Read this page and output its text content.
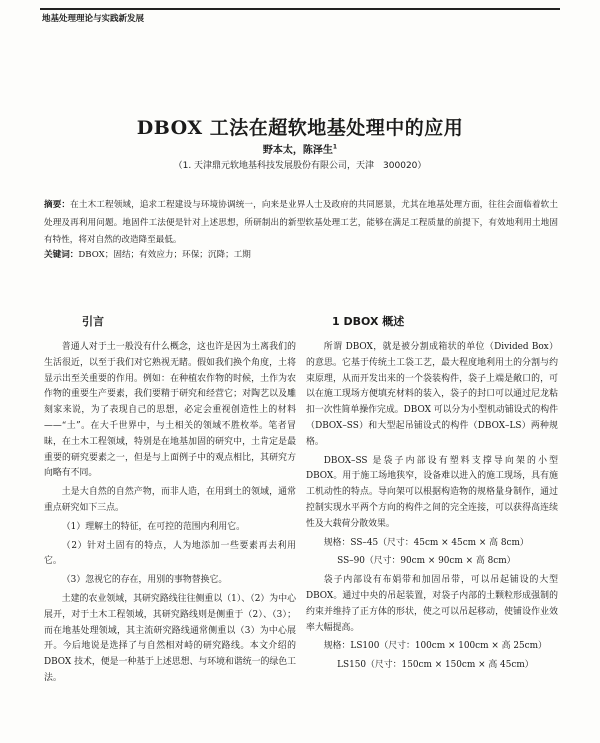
地基处理理论与实践新发展
DBOX 工法在超软地基处理中的应用
野本太，陈泽生$^1$
（1. 天津鼎元软地基科技发展股份有限公司，天津　300020）
摘要：在土木工程领域，追求工程建设与环境协调统一，向来是业界人士及政府的共同愿景，尤其在地基处理方面，往往会面临着软土处理及再利用问题。地固件工法便是针对上述思想，所研制出的新型软基处理工艺，能够在满足工程质量的前提下，有效地利用土地固有特性，将对自然的改造降至最低。
关键词：DBOX；固结；有效应力；环保；沉降；工期
引言	1 DBOX 概述

普通人对于土一般没有什么概念，这也许是因为土离我们的生活很近，以至于我们对它熟视无睹。假如我们换个角度，土将显示出至关重要的作用。例如：在种植农作物的时候，土作为农作物的重要生产要素，我们要精于研究和经营它；对陶艺以及雕刻家来说，为了表现自己的思想，必定会重视创造性上的材料——“土”。在大千世界中，与土相关的领域不胜枚举。笔者冒昧，在土木工程领域，特别是在地基加固的研究中，土肯定是最重要的研究要素之一，但是与上面例子中的观点相比，其研究方向略有不同。

土是大自然的自然产物，而非人造，在用到土的领域，通常重点研究如下三点。

（1）理解土的特征，在可控的范围内利用它。

（2）针对土固有的特点，人为地添加一些要素再去利用它。

（3）忽视它的存在，用别的事物替换它。

土建的农业领域，其研究路线往往侧重以（1）、（2）为中心展开，对于土木工程领域，其研究路线则是侧重于（2）、（3）；而在地基处理领域，其主流研究路线通常侧重以（3）为中心展开。今后地说是选择了与自然相对峙的研究路线。本文介绍的 DBOX 技术，便是一种基于上述思想、与环境和谐统一的绿色工法。

所谓 DBOX，就是被分割成箱状的单位（Divided Box）的意思。它基于传统土工袋工艺，最大程度地利用土的分割与约束原理，从而开发出来的一个袋装构件，袋子上端是敞口的，可以在施工现场方便填充材料的装入，袋子的封口可以通过尼龙粘扣一次性简单操作完成。DBOX 可以分为小型机动铺设式的构件（DBOX–SS）和大型起吊铺设式的构件（DBOX–LS）两种规格。

DBOX–SS 是袋子内部设有塑料支撑导向架的小型 DBOX。用于施工场地狭窄，设备难以进入的施工现场，具有施工机动性的特点。导向架可以根据构造物的规格量身制作，通过控制实现水平两个方向的构件之间的完全连接，可以获得高连续性及大载荷分散效果。

规格：SS–45（尺寸：45cm × 45cm × 高 8cm）

SS–90（尺寸：90cm × 90cm × 高 8cm）

袋子内部设有布娟带和加固吊带，可以吊起铺设的大型 DBOX。通过中央的吊起装置，对袋子内部的土颗粒形成强制的约束并维持了正方体的形状，使之可以吊起移动，使铺设作业效率大幅提高。

规格：LS100（尺寸：100cm × 100cm × 高 25cm）

LS150（尺寸：150cm × 150cm × 高 45cm）
